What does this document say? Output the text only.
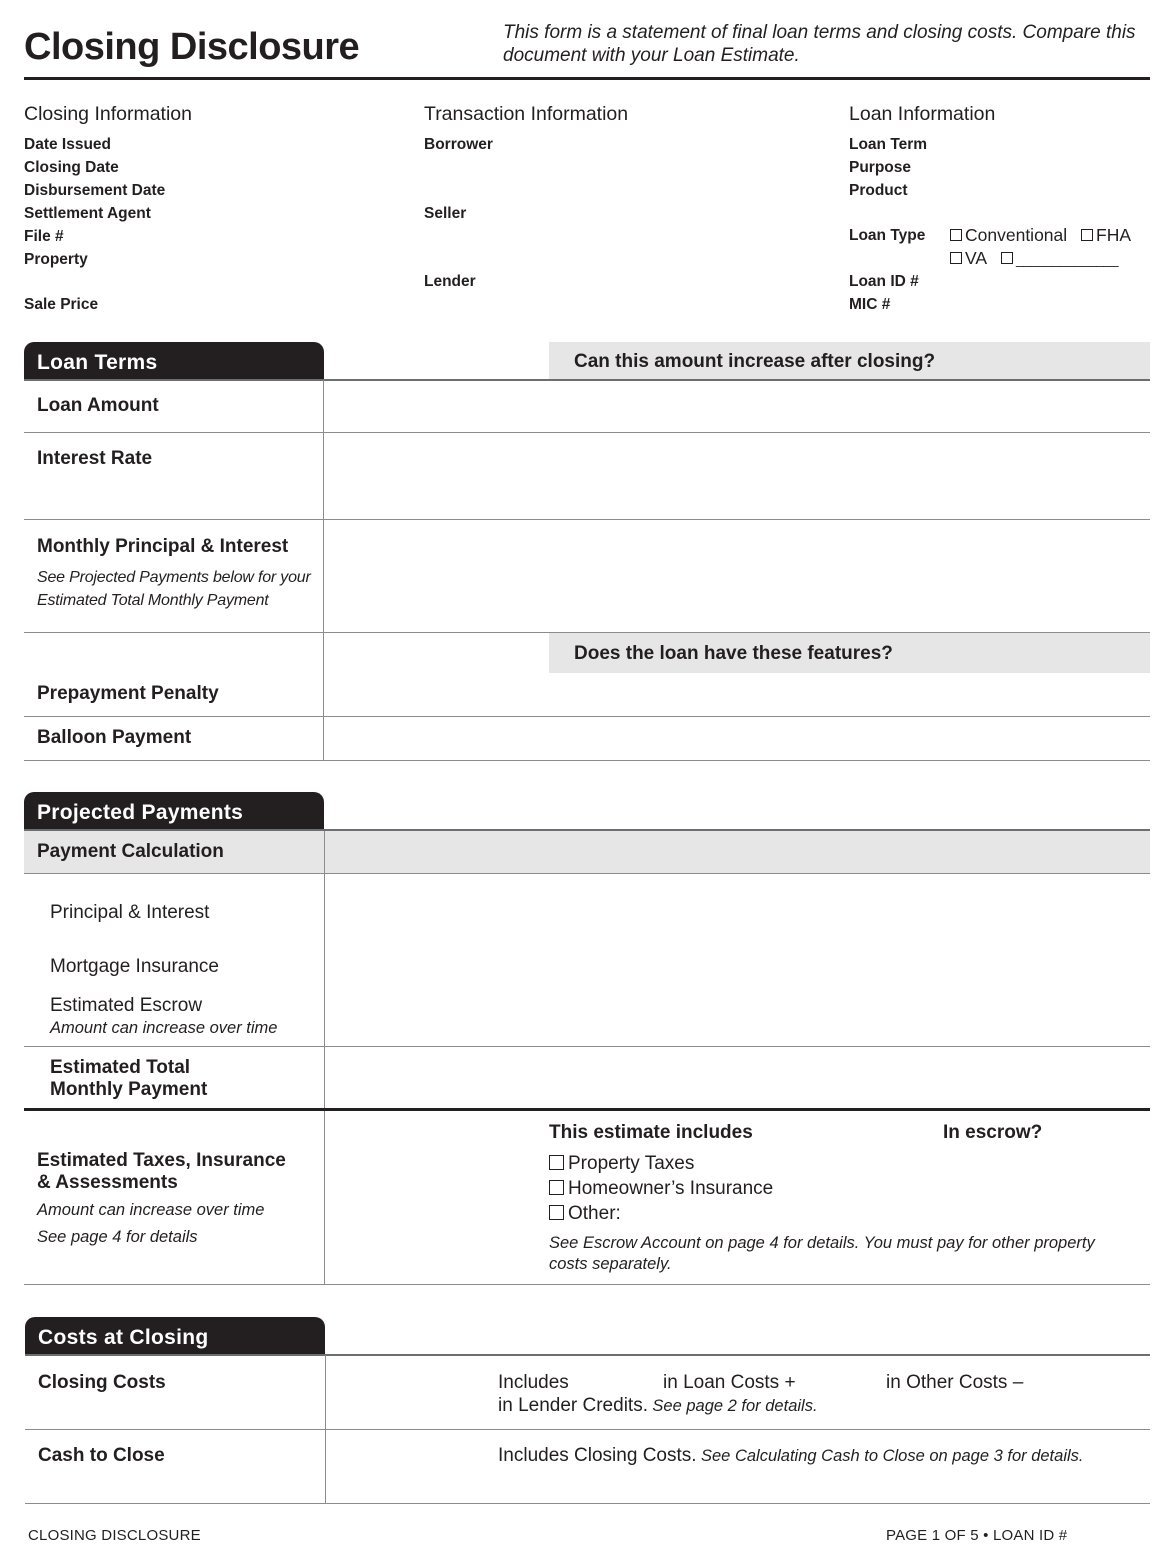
Closing Disclosure	This form is a statement of final loan terms and closing costs. Compare this
document with your Loan Estimate.
Closing Information
Date Issued
Closing Date
Disbursement Date
Settlement Agent
File #
Property
Sale Price
Transaction Information
Borrower
Seller
Lender
Loan Information
Loan Term
Purpose
Product
Loan Type	Conventional FHA
VA ______________
Loan ID #
MIC #
Loan Terms	Can this amount increase after closing?
Loan Amount
Interest Rate
Monthly Principal & Interest
See Projected Payments below for your
Estimated Total Monthly Payment
Does the loan have these features?
Prepayment Penalty
Balloon Payment
Projected Payments
Payment Calculation
Principal & Interest
Mortgage Insurance
Estimated Escrow
Amount can increase over time
Estimated Total
Monthly Payment
Estimated Taxes, Insurance
& Assessments
Amount can increase over time
See page 4 for details
This estimate includes	In escrow?
Property Taxes
Homeowner’s Insurance
Other:
See Escrow Account on page 4 for details. You must pay for other property
costs separately.
Costs at Closing
Closing Costs	Includes	in Loan Costs +	in Other Costs –
in Lender Credits. See page 2 for details.
Cash to Close	Includes Closing Costs. See Calculating Cash to Close on page 3 for details.
CLOSING DISCLOSURE	PAGE 1 OF 5 • LOAN ID #
